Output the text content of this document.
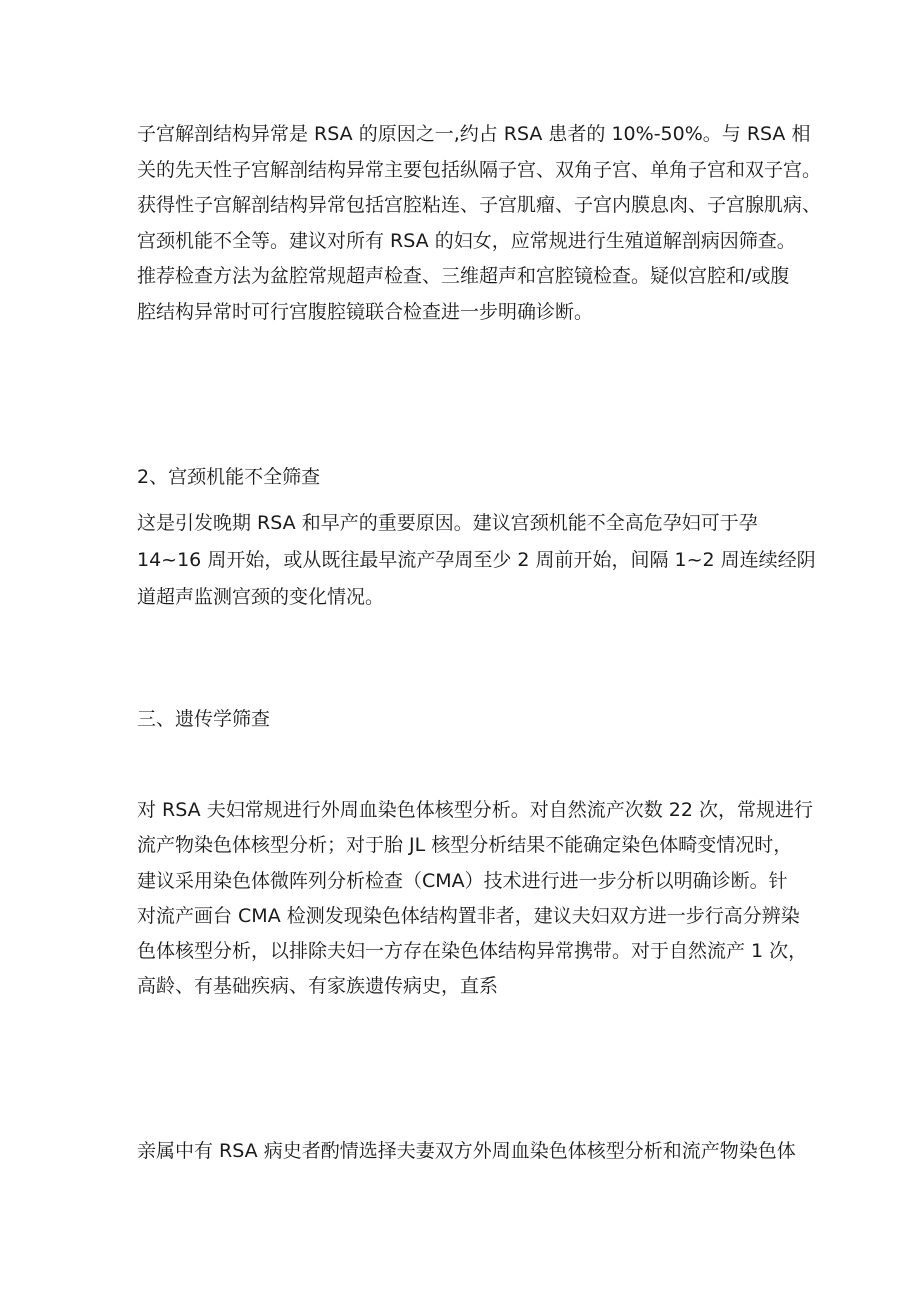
子宫解剖结构异常是 RSA 的原因之一,约占 RSA 患者的 10%-50%。与 RSA 相
关的先天性子宫解剖结构异常主要包括纵隔子宫、双角子宫、单角子宫和双子宫。
获得性子宫解剖结构异常包括宫腔粘连、子宫肌瘤、子宫内膜息肉、子宫腺肌病、
宫颈机能不全等。建议对所有 RSA 的妇女，应常规进行生殖道解剖病因筛查。
推荐检查方法为盆腔常规超声检查、三维超声和宫腔镜检查。疑似宫腔和/或腹
腔结构异常时可行宫腹腔镜联合检查进一步明确诊断。
2、宫颈机能不全筛查
这是引发晚期 RSA 和早产的重要原因。建议宫颈机能不全高危孕妇可于孕
14~16 周开始，或从既往最早流产孕周至少 2 周前开始，间隔 1~2 周连续经阴
道超声监测宫颈的变化情况。
三、遗传学筛查
对 RSA 夫妇常规进行外周血染色体核型分析。对自然流产次数 22 次，常规进行
流产物染色体核型分析；对于胎 JL 核型分析结果不能确定染色体畸变情况时，
建议采用染色体微阵列分析检查（CMA）技术进行进一步分析以明确诊断。针
对流产画台 CMA 检测发现染色体结构置非者，建议夫妇双方进一步行高分辨染
色体核型分析，以排除夫妇一方存在染色体结构异常携带。对于自然流产 1 次，
高龄、有基础疾病、有家族遗传病史，直系
亲属中有 RSA 病史者酌情选择夫妻双方外周血染色体核型分析和流产物染色体
